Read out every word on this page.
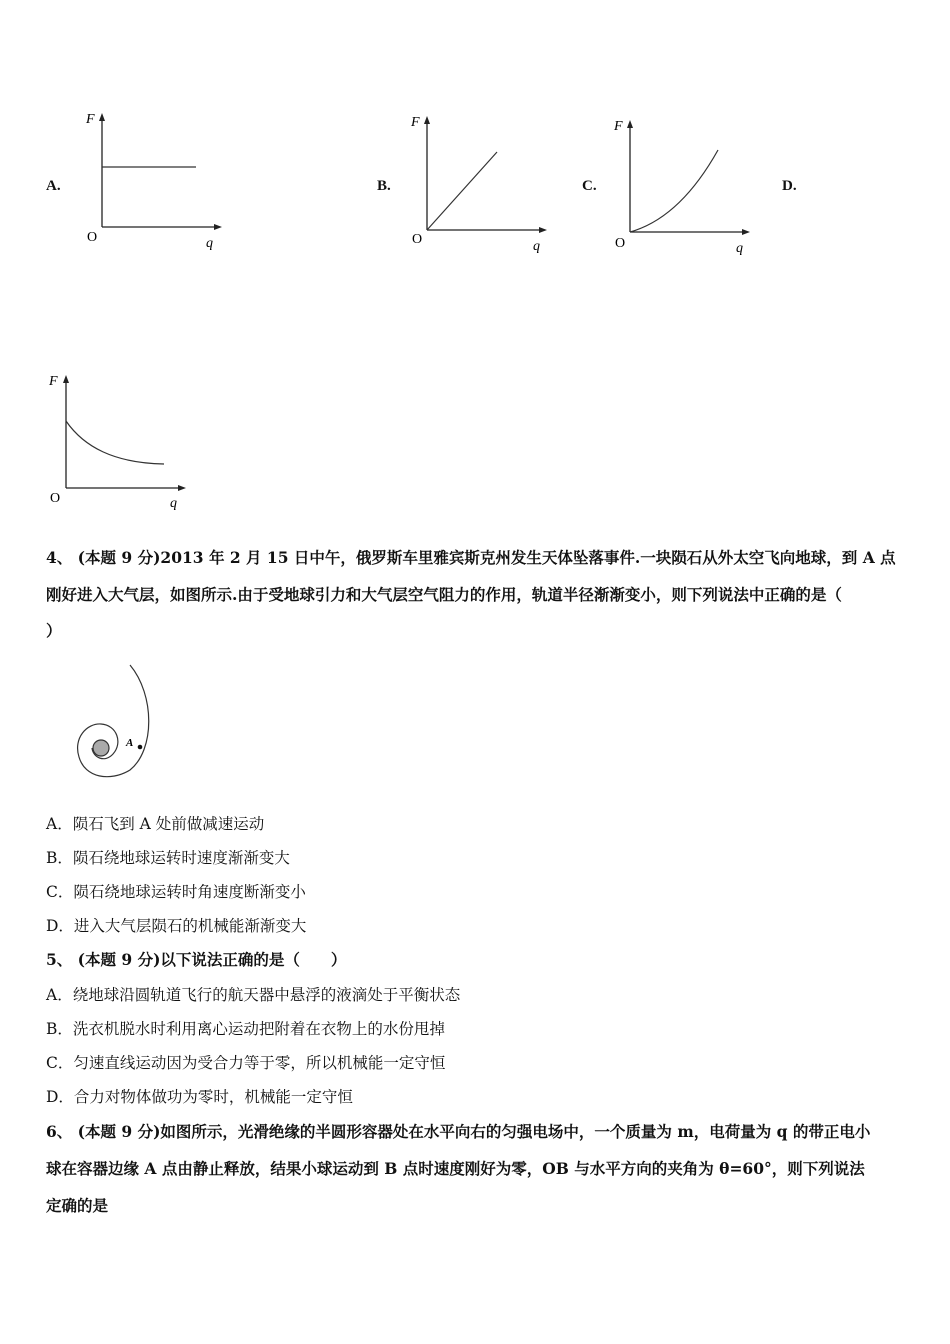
A.
F
O	q
B.
F
O	q
C.
F
O	q
D.
F
O	q
4、 (本题 9 分)2013 年 2 月 15 日中午，俄罗斯车里雅宾斯克州发生天体坠落事件.一块陨石从外太空飞向地球，到 A 点
刚好进入大气层，如图所示.由于受地球引力和大气层空气阻力的作用，轨道半径渐渐变小，则下列说法中正确的是（
）
A
A．陨石飞到 A 处前做减速运动
B．陨石绕地球运转时速度渐渐变大
C．陨石绕地球运转时角速度断渐变小
D．进入大气层陨石的机械能渐渐变大
5、 (本题 9 分)以下说法正确的是（　　）
A．绕地球沿圆轨道飞行的航天器中悬浮的液滴处于平衡状态
B．洗衣机脱水时利用离心运动把附着在衣物上的水份甩掉
C．匀速直线运动因为受合力等于零，所以机械能一定守恒
D．合力对物体做功为零时，机械能一定守恒
6、 (本题 9 分)如图所示，光滑绝缘的半圆形容器处在水平向右的匀强电场中，一个质量为 m，电荷量为 q 的带正电小
球在容器边缘 A 点由静止释放，结果小球运动到 B 点时速度刚好为零，OB 与水平方向的夹角为 θ=60°，则下列说法
定确的是
